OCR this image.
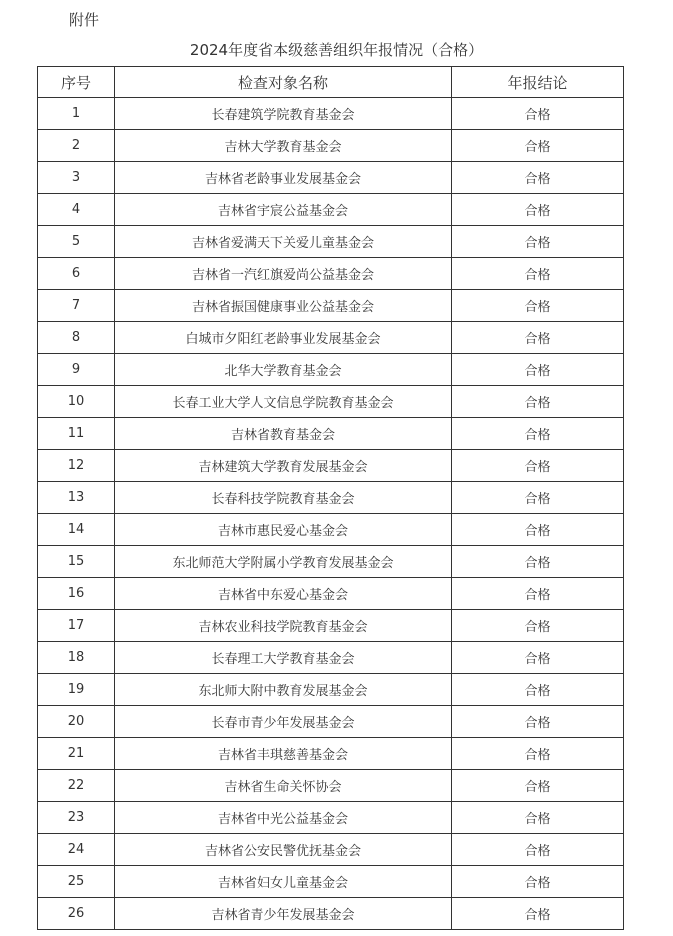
附件
2024年度省本级慈善组织年报情况（合格）
序号	检查对象名称	年报结论
1	长春建筑学院教育基金会	合格
2	吉林大学教育基金会	合格
3	吉林省老龄事业发展基金会	合格
4	吉林省宇宸公益基金会	合格
5	吉林省爱满天下关爱儿童基金会	合格
6	吉林省一汽红旗爱尚公益基金会	合格
7	吉林省振国健康事业公益基金会	合格
8	白城市夕阳红老龄事业发展基金会	合格
9	北华大学教育基金会	合格
10	长春工业大学人文信息学院教育基金会	合格
11	吉林省教育基金会	合格
12	吉林建筑大学教育发展基金会	合格
13	长春科技学院教育基金会	合格
14	吉林市惠民爱心基金会	合格
15	东北师范大学附属小学教育发展基金会	合格
16	吉林省中东爱心基金会	合格
17	吉林农业科技学院教育基金会	合格
18	长春理工大学教育基金会	合格
19	东北师大附中教育发展基金会	合格
20	长春市青少年发展基金会	合格
21	吉林省丰琪慈善基金会	合格
22	吉林省生命关怀协会	合格
23	吉林省中光公益基金会	合格
24	吉林省公安民警优抚基金会	合格
25	吉林省妇女儿童基金会	合格
26	吉林省青少年发展基金会	合格
